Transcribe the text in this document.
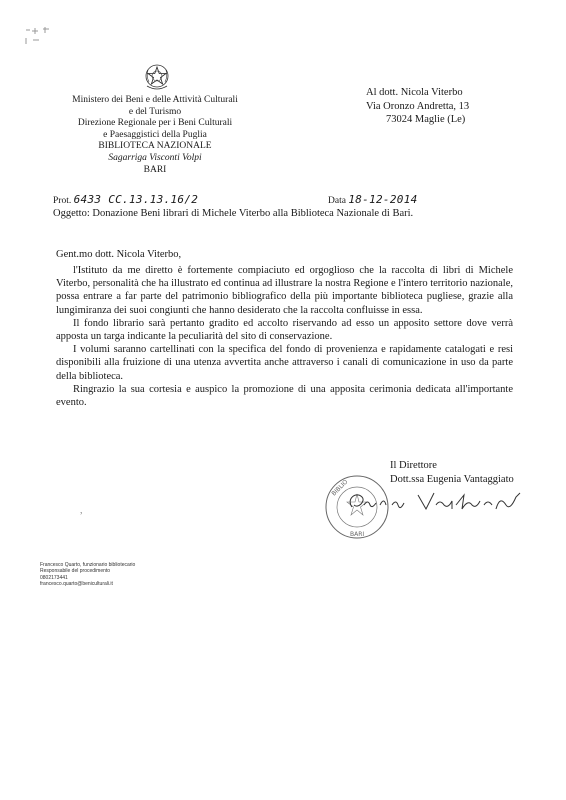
Ministero dei Beni e delle Attività Culturali
e del Turismo
Direzione Regionale per i Beni Culturali
e Paesaggistici della Puglia
BIBLIOTECA NAZIONALE
Sagarriga Visconti Volpi
BARI
Al dott. Nicola Viterbo
Via Oronzo Andretta, 13
73024 Maglie (Le)
Prot. 6433 CC.13.13.16/2	Data 18-12-2014
Oggetto: Donazione Beni librari di Michele Viterbo alla Biblioteca Nazionale di Bari.
Gent.mo dott. Nicola Viterbo,

l'Istituto da me diretto è fortemente compiaciuto ed orgoglioso che la raccolta di libri di Michele Viterbo, personalità che ha illustrato ed continua ad illustrare la nostra Regione e l'intero territorio nazionale, possa entrare a far parte del patrimonio bibliografico della più importante biblioteca pugliese, grazie alla lungimiranza dei suoi congiunti che hanno desiderato che la raccolta confluisse in essa.

Il fondo librario sarà pertanto gradito ed accolto riservando ad esso un apposito settore dove verrà apposta un targa indicante la peculiarità del sito di conservazione.

I volumi saranno cartellinati con la specifica del fondo di provenienza e rapidamente catalogati e resi disponibili alla fruizione di una utenza avvertita anche attraverso i canali di comunicazione in uso da parte della biblioteca.

Ringrazio la sua cortesia e auspico la promozione di una apposita cerimonia dedicata all'importante evento.

Il Direttore
Dott.ssa Eugenia Vantaggiato
BIBLIO
BARI
,
Francesco Quarto, funzionario bibliotecario
Responsabile del procedimento
0802173441
francesco.quarto@beniculturali.it
